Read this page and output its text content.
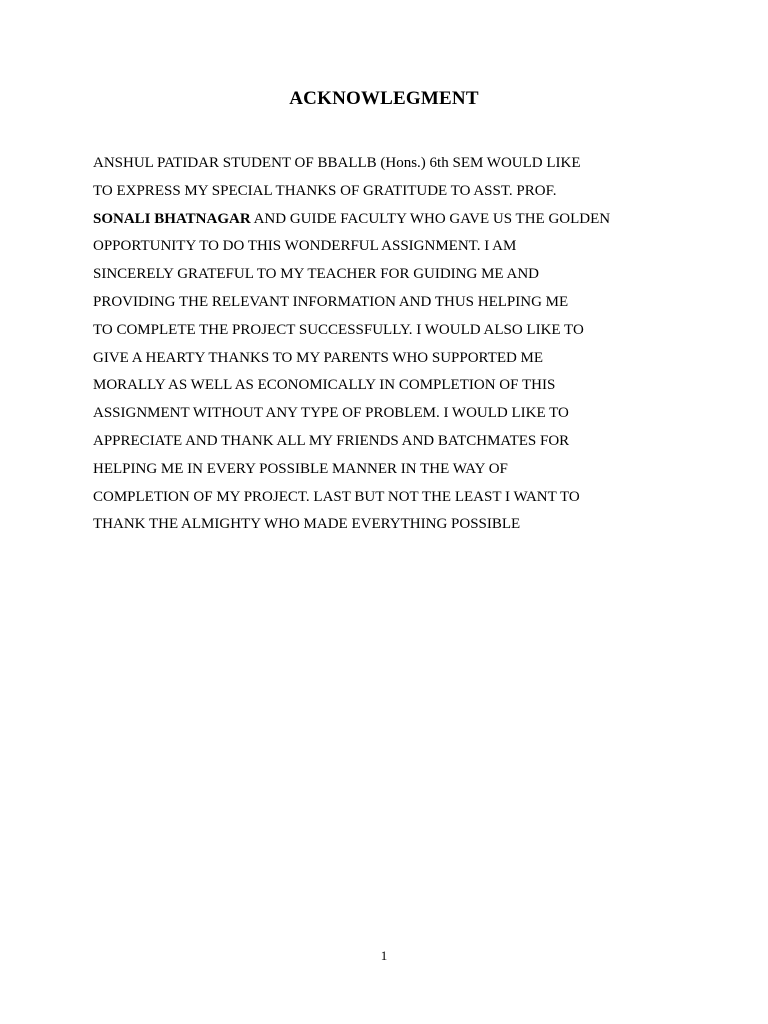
ACKNOWLEGMENT
ANSHUL PATIDAR STUDENT OF BBALLB (Hons.) 6th SEM WOULD LIKE
TO EXPRESS MY SPECIAL THANKS OF GRATITUDE TO ASST. PROF.
SONALI BHATNAGAR AND GUIDE FACULTY WHO GAVE US THE GOLDEN
OPPORTUNITY TO DO THIS WONDERFUL ASSIGNMENT. I AM
SINCERELY GRATEFUL TO MY TEACHER FOR GUIDING ME AND
PROVIDING THE RELEVANT INFORMATION AND THUS HELPING ME
TO COMPLETE THE PROJECT SUCCESSFULLY. I WOULD ALSO LIKE TO
GIVE A HEARTY THANKS TO MY PARENTS WHO SUPPORTED ME
MORALLY AS WELL AS ECONOMICALLY IN COMPLETION OF THIS
ASSIGNMENT WITHOUT ANY TYPE OF PROBLEM. I WOULD LIKE TO
APPRECIATE AND THANK ALL MY FRIENDS AND BATCHMATES FOR
HELPING ME IN EVERY POSSIBLE MANNER IN THE WAY OF
COMPLETION OF MY PROJECT. LAST BUT NOT THE LEAST I WANT TO
THANK THE ALMIGHTY WHO MADE EVERYTHING POSSIBLE
1
